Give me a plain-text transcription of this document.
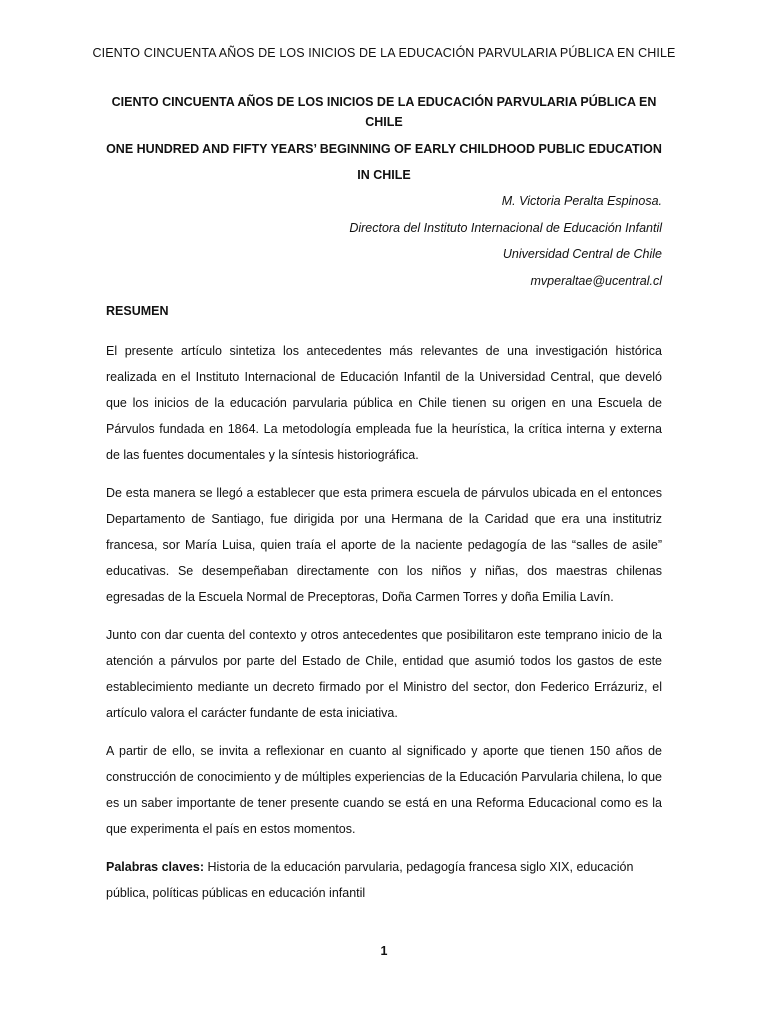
CIENTO CINCUENTA AÑOS DE LOS INICIOS DE LA EDUCACIÓN PARVULARIA PÚBLICA EN CHILE

CIENTO CINCUENTA AÑOS DE LOS INICIOS DE LA EDUCACIÓN PARVULARIA PÚBLICA EN CHILE

ONE HUNDRED AND FIFTY YEARS’ BEGINNING OF EARLY CHILDHOOD PUBLIC EDUCATION IN CHILE

M. Victoria Peralta Espinosa.
Directora del Instituto Internacional de Educación Infantil
Universidad Central de Chile
mvperaltae@ucentral.cl

RESUMEN

El presente artículo sintetiza los antecedentes más relevantes de una investigación histórica realizada en el Instituto Internacional de Educación Infantil de la Universidad Central, que develó que los inicios de la educación parvularia pública en Chile tienen su origen en una Escuela de Párvulos fundada en 1864. La metodología empleada fue la heurística, la crítica interna y externa de las fuentes documentales y la síntesis historiográfica.

De esta manera se llegó a establecer que esta primera escuela de párvulos ubicada en el entonces Departamento de Santiago, fue dirigida por una Hermana de la Caridad que era una institutriz francesa, sor María Luisa, quien traía el aporte de la naciente pedagogía de las “salles de asile” educativas. Se desempeñaban directamente con los niños y niñas, dos maestras chilenas egresadas de la Escuela Normal de Preceptoras, Doña Carmen Torres y doña Emilia Lavín.

Junto con dar cuenta del contexto y otros antecedentes que posibilitaron este temprano inicio de la atención a párvulos por parte del Estado de Chile, entidad que asumió todos los gastos de este establecimiento mediante un decreto firmado por el Ministro del sector, don Federico Errázuriz, el artículo valora el carácter fundante de esta iniciativa.

A partir de ello, se invita a reflexionar en cuanto al significado y aporte que tienen 150 años de construcción de conocimiento y de múltiples experiencias de la Educación Parvularia chilena, lo que es un saber importante de tener presente cuando se está en una Reforma Educacional como es la que experimenta el país en estos momentos.

Palabras claves: Historia de la educación parvularia, pedagogía francesa siglo XIX, educación pública, políticas públicas en educación infantil
1
